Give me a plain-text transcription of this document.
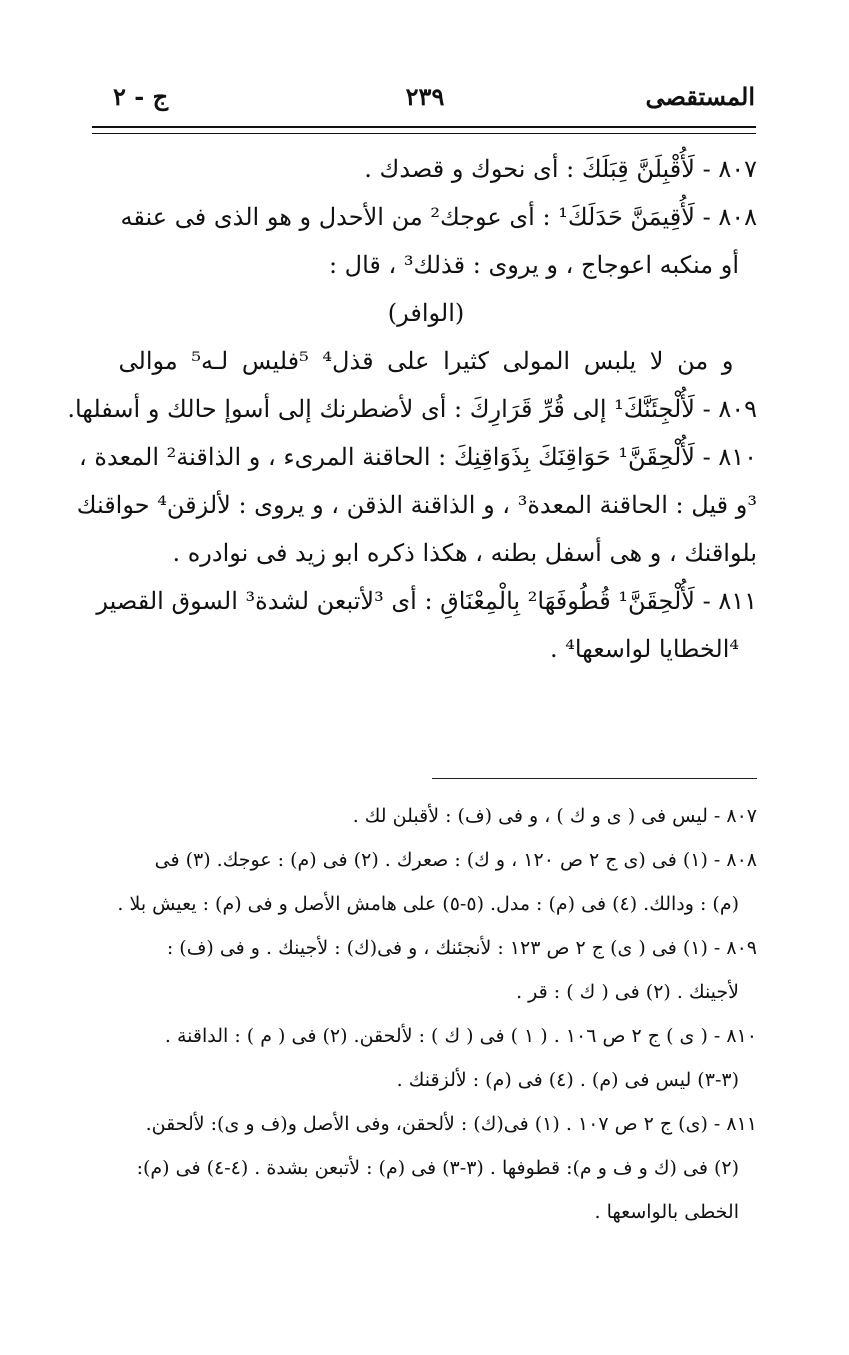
المستقصى
٢٣٩
ج - ٢

٨٠٧ - لَأُقْبِلَنَّ قِبَلَكَ : أى نحوك و قصدك .

٨٠٨ - لَأُقِيمَنَّ حَدَلَكَ¹ : أى عوجك² من الأحدل و هو الذى فى عنقه

أو منكبه اعوجاج ، و يروى : قذلك³ ، قال :

(الوافر)

و من لا يلبس المولى كثيرا على قذل⁴ ⁵فليس لـه⁵ موالى

٨٠٩ - لَأُلْجِئَنَّكَ¹ إلى قُرِّ قَرَارِكَ : أى لأضطرنك إلى أسوإ حالك و أسفلها.

٨١٠ - لَأُلْحِقَنَّ¹ حَوَاقِنَكَ بِذَوَاقِنِكَ : الحاقنة المرىء ، و الذاقنة² المعدة ،

³و قيل : الحاقنة المعدة³ ، و الذاقنة الذقن ، و يروى : لألزقن⁴ حواقنك

بلواقنك ، و هى أسفل بطنه ، هكذا ذكره ابو زيد فى نوادره .

٨١١ - لَأُلْحِقَنَّ¹ قُطُوفَهَا² بِالْمِعْنَاقِ : أى ³لأتبعن لشدة³ السوق القصير

⁴الخطايا لواسعها⁴ .

٨٠٧ - ليس فى ( ى و ك ) ، و فى (ف) : لأقبلن لك .

٨٠٨ - (١) فى (ى ج ٢ ص ١٢٠ ، و ك) : صعرك . (٢) فى (م) : عوجك. (٣) فى

(م) : ودالك. (٤) فى (م) : مدل. (٥-٥) على هامش الأصل و فى (م) : يعيش بلا .

٨٠٩ - (١) فى ( ى) ج ٢ ص ١٢٣ : لأنجئنك ، و فى(ك) : لأجينك . و فى (ف) :

لأجينك . (٢) فى ( ك ) : قر .

٨١٠ - ( ى ) ج ٢ ص ١٠٦ . ( ١ ) فى ( ك ) : لألحقن. (٢) فى ( م ) : الداقنة .

(٣-٣) ليس فى (م) . (٤) فى (م) : لألزقنك .

٨١١ - (ى) ج ٢ ص ١٠٧ . (١) فى(ك) : لألحقن، وفى الأصل و(ف و ى): لألحقن.

(٢) فى (ك و ف و م): قطوفها . (٣-٣) فى (م) : لأتبعن بشدة . (٤-٤) فى (م):

الخطى بالواسعها .
